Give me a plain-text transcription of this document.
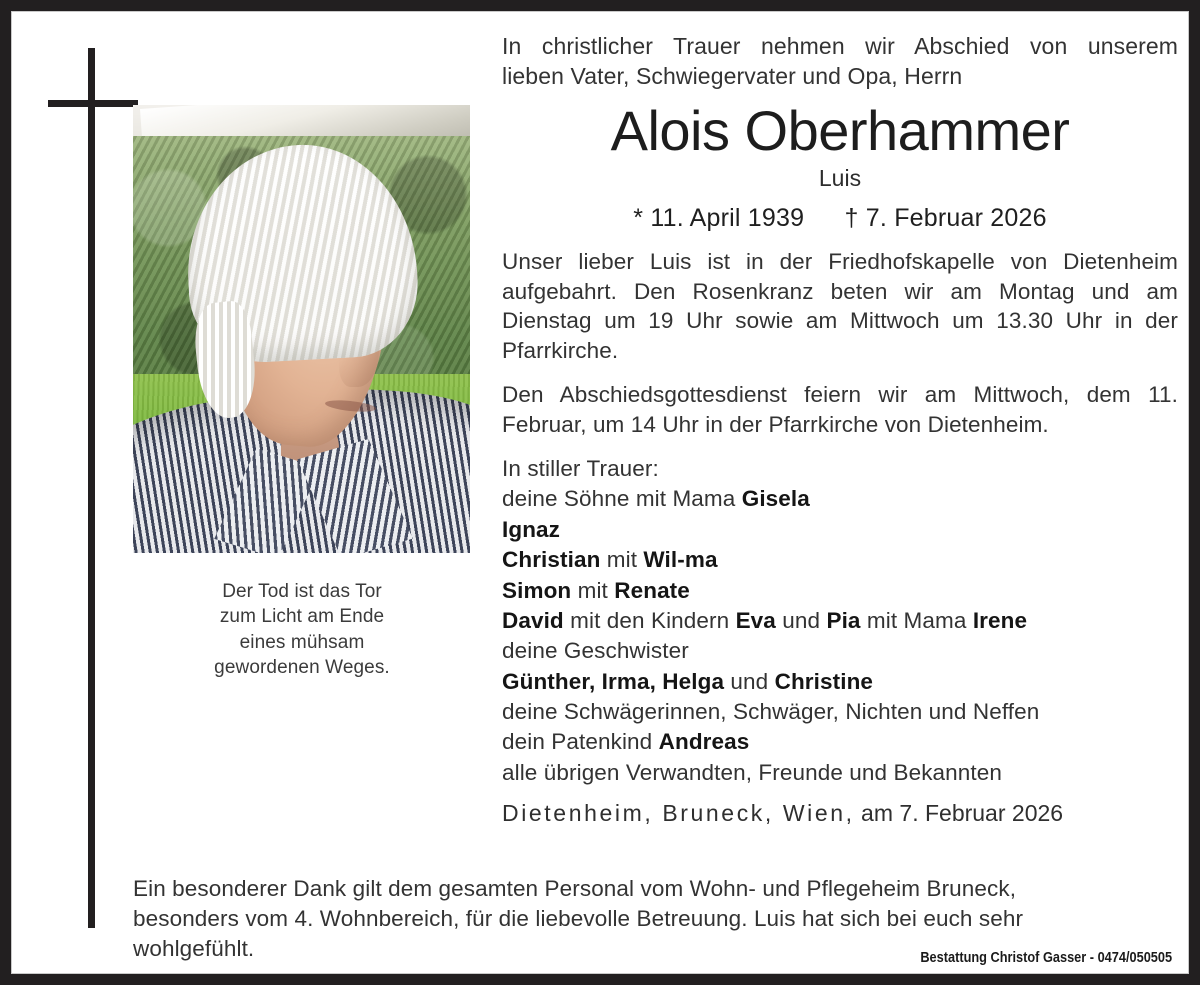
Der Tod ist das Tor
zum Licht am Ende
eines mühsam
gewordenen Weges.
In christlicher Trauer nehmen wir Abschied von unserem
lieben Vater, Schwiegervater und Opa, Herrn
Alois Oberhammer
Luis
* 11. April 1939 † 7. Februar 2026
Unser lieber Luis ist in der Friedhofskapelle von Dietenheim aufgebahrt. Den Rosenkranz beten wir am Montag und am Dienstag um 19 Uhr sowie am Mittwoch um 13.30 Uhr in der Pfarrkirche.
Den Abschiedsgottesdienst feiern wir am Mittwoch, dem 11. Februar, um 14 Uhr in der Pfarrkirche von Dietenheim.
In stiller Trauer:
deine Söhne mit Mama Gisela
Ignaz
Christian mit Wil-ma
Simon mit Renate
David mit den Kindern Eva und Pia mit Mama Irene
deine Geschwister
Günther, Irma, Helga und Christine
deine Schwägerinnen, Schwäger, Nichten und Neffen
dein Patenkind Andreas
alle übrigen Verwandten, Freunde und Bekannten
Dietenheim, Bruneck, Wien, am 7. Februar 2026
Ein besonderer Dank gilt dem gesamten Personal vom Wohn- und Pflegeheim Bruneck,
besonders vom 4. Wohnbereich, für die liebevolle Betreuung. Luis hat sich bei euch sehr
wohlgefühlt.	Bestattung Christof Gasser - 0474/050505
